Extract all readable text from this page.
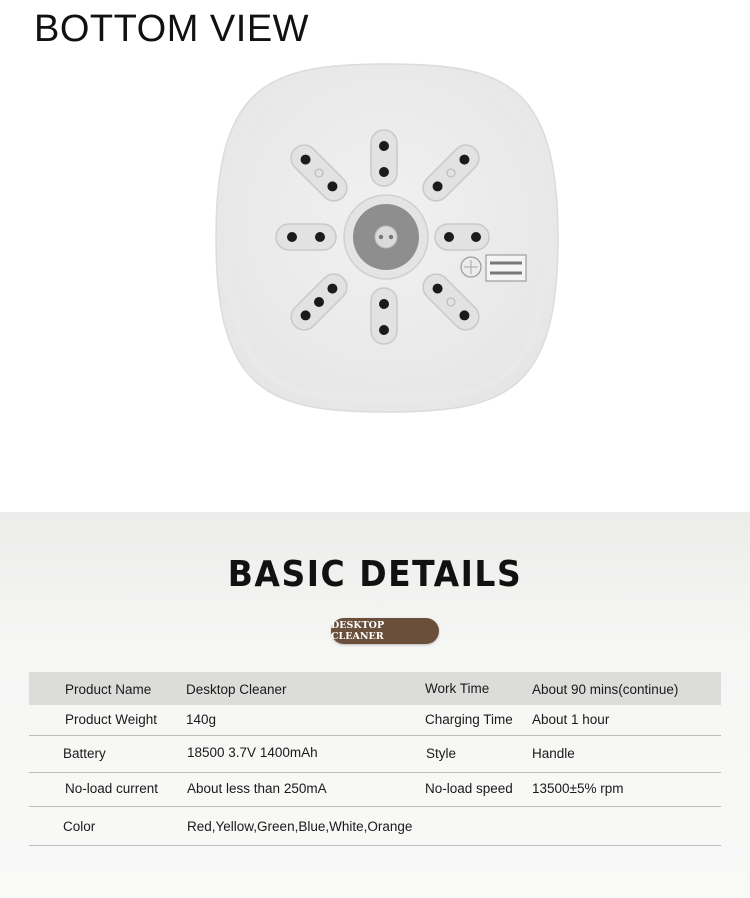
BOTTOM VIEW
BASIC DETAILS
DESKTOP CLEANER
Product Name	Desktop Cleaner	Work Time	About 90 mins(continue)
Product Weight 140g	Charging Time About 1 hour
Battery	18500 3.7V 1400mAh	Style	Handle
No-load current About less than 250mA	No-load speed 13500±5% rpm
Color	Red,Yellow,Green,Blue,White,Orange
